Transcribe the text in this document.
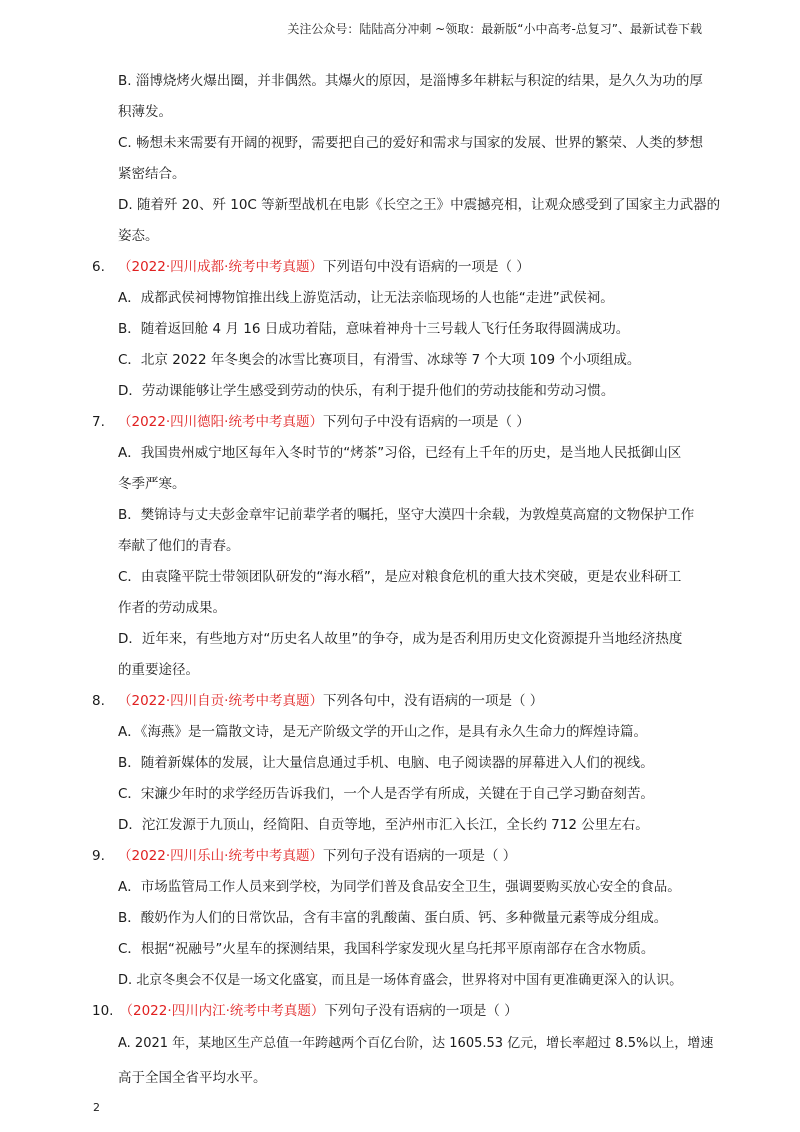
关注公众号：陆陆高分冲刺 ~领取：最新版“小中高考-总复习”、最新试卷下载
B. 淄博烧烤火爆出圈，并非偶然。其爆火的原因，是淄博多年耕耘与积淀的结果，是久久为功的厚
积薄发。
C. 畅想未来需要有开阔的视野，需要把自己的爱好和需求与国家的发展、世界的繁荣、人类的梦想
紧密结合。
D. 随着歼 20、歼 10C 等新型战机在电影《长空之王》中震撼亮相，让观众感受到了国家主力武器的
姿态。
6. （2022·四川成都·统考中考真题）下列语句中没有语病的一项是（ ）
A．成都武侯祠博物馆推出线上游览活动，让无法亲临现场的人也能“走进”武侯祠。
B．随着返回舱 4 月 16 日成功着陆，意味着神舟十三号载人飞行任务取得圆满成功。
C．北京 2022 年冬奥会的冰雪比赛项目，有滑雪、冰球等 7 个大项 109 个小项组成。
D．劳动课能够让学生感受到劳动的快乐，有利于提升他们的劳动技能和劳动习惯。
7. （2022·四川德阳·统考中考真题）下列句子中没有语病的一项是（ ）
A．我国贵州威宁地区每年入冬时节的“烤茶”习俗，已经有上千年的历史，是当地人民抵御山区
冬季严寒。
B．樊锦诗与丈夫彭金章牢记前辈学者的嘱托，坚守大漠四十余载，为敦煌莫高窟的文物保护工作
奉献了他们的青春。
C．由袁隆平院士带领团队研发的“海水稻”，是应对粮食危机的重大技术突破，更是农业科研工
作者的劳动成果。
D．近年来，有些地方对“历史名人故里”的争夺，成为是否利用历史文化资源提升当地经济热度
的重要途径。
8. （2022·四川自贡·统考中考真题）下列各句中，没有语病的一项是（ ）
A．《海燕》是一篇散文诗，是无产阶级文学的开山之作，是具有永久生命力的辉煌诗篇。
B．随着新媒体的发展，让大量信息通过手机、电脑、电子阅读器的屏幕进入人们的视线。
C．宋濂少年时的求学经历告诉我们，一个人是否学有所成，关键在于自己学习勤奋刻苦。
D．沱江发源于九顶山，经简阳、自贡等地，至泸州市汇入长江，全长约 712 公里左右。
9. （2022·四川乐山·统考中考真题）下列句子没有语病的一项是（ ）
A．市场监管局工作人员来到学校，为同学们普及食品安全卫生，强调要购买放心安全的食品。
B．酸奶作为人们的日常饮品，含有丰富的乳酸菌、蛋白质、钙、多种微量元素等成分组成。
C．根据“祝融号”火星车的探测结果，我国科学家发现火星乌托邦平原南部存在含水物质。
D. 北京冬奥会不仅是一场文化盛宴，而且是一场体育盛会，世界将对中国有更准确更深入的认识。
10. （2022·四川内江·统考中考真题）下列句子没有语病的一项是（ ）
A. 2021 年，某地区生产总值一年跨越两个百亿台阶，达 1605.53 亿元，增长率超过 8.5%以上，增速
高于全国全省平均水平。
2
